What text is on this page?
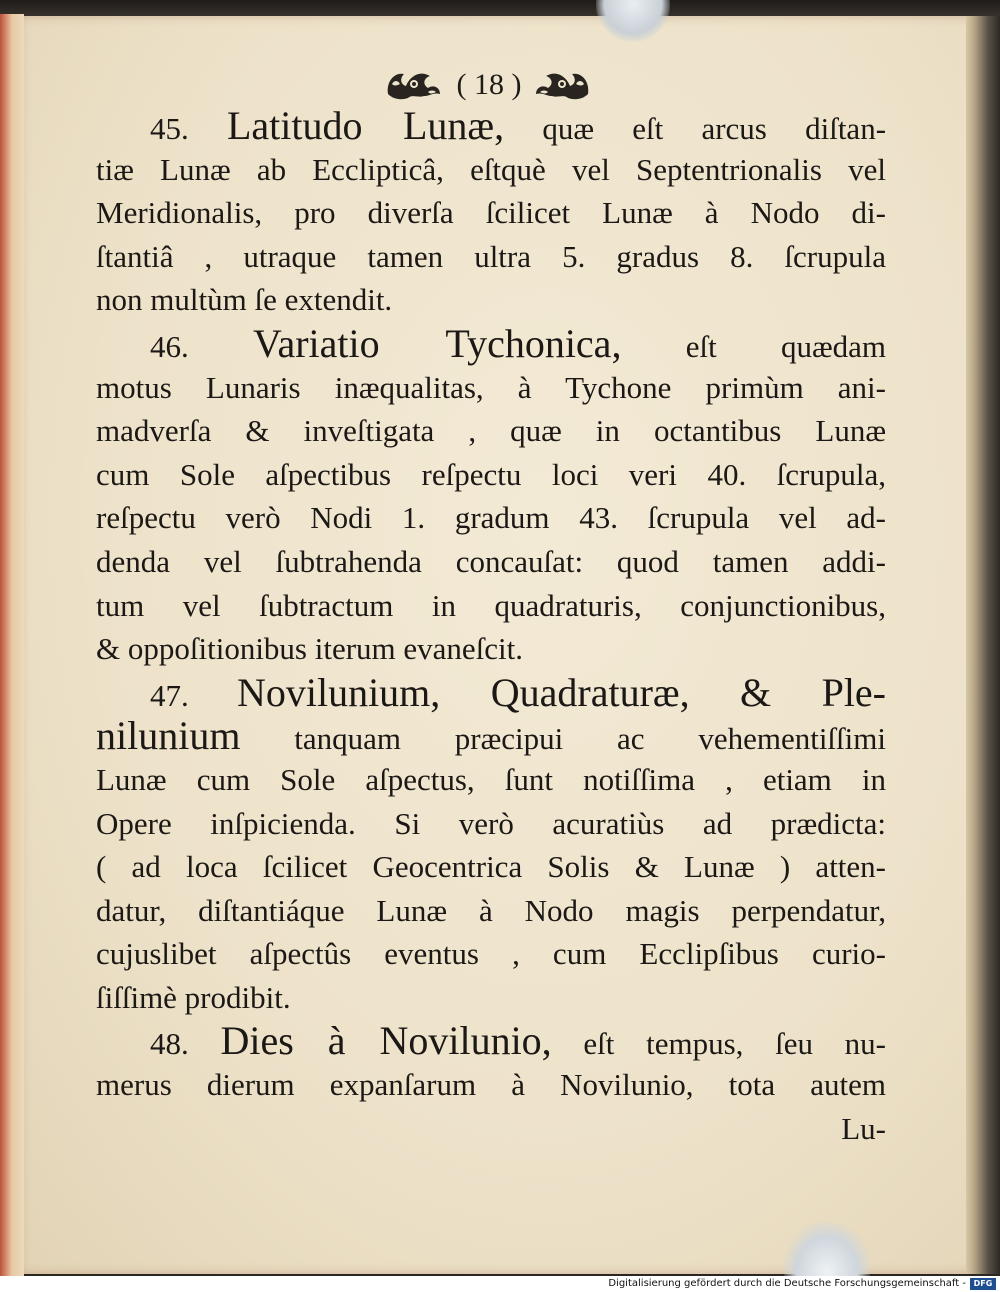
( 18 )
45. Latitudo Lunæ, quæ eſt arcus diſtan-
tiæ Lunæ ab Ecclipticâ, eſtquè vel Septentrionalis vel
Meridionalis, pro diverſa ſcilicet Lunæ à Nodo di-
ſtantiâ , utraque tamen ultra 5. gradus 8. ſcrupula
non multùm ſe extendit.
46. Variatio Tychonica, eſt quædam
motus Lunaris inæqualitas, à Tychone primùm ani-
madverſa & inveſtigata , quæ in octantibus Lunæ
cum Sole aſpectibus reſpectu loci veri 40. ſcrupula,
reſpectu verò Nodi 1. gradum 43. ſcrupula vel ad-
denda vel ſubtrahenda concauſat: quod tamen addi-
tum vel ſubtractum in quadraturis, conjunctionibus,
& oppoſitionibus iterum evaneſcit.
47. Novilunium, Quadraturæ, & Ple-
nilunium tanquam præcipui ac vehementiſſimi
Lunæ cum Sole aſpectus, ſunt notiſſima , etiam in
Opere inſpicienda. Si verò acuratiùs ad prædicta:
( ad loca ſcilicet Geocentrica Solis & Lunæ ) atten-
datur, diſtantiáque Lunæ à Nodo magis perpendatur,
cujuslibet aſpectûs eventus , cum Ecclipſibus curio-
ſiſſimè prodibit.
48. Dies à Novilunio, eſt tempus, ſeu nu-
merus dierum expanſarum à Novilunio, tota autem
Lu-
Digitalisierung gefördert durch die Deutsche Forschungsgemeinschaft - DFG
